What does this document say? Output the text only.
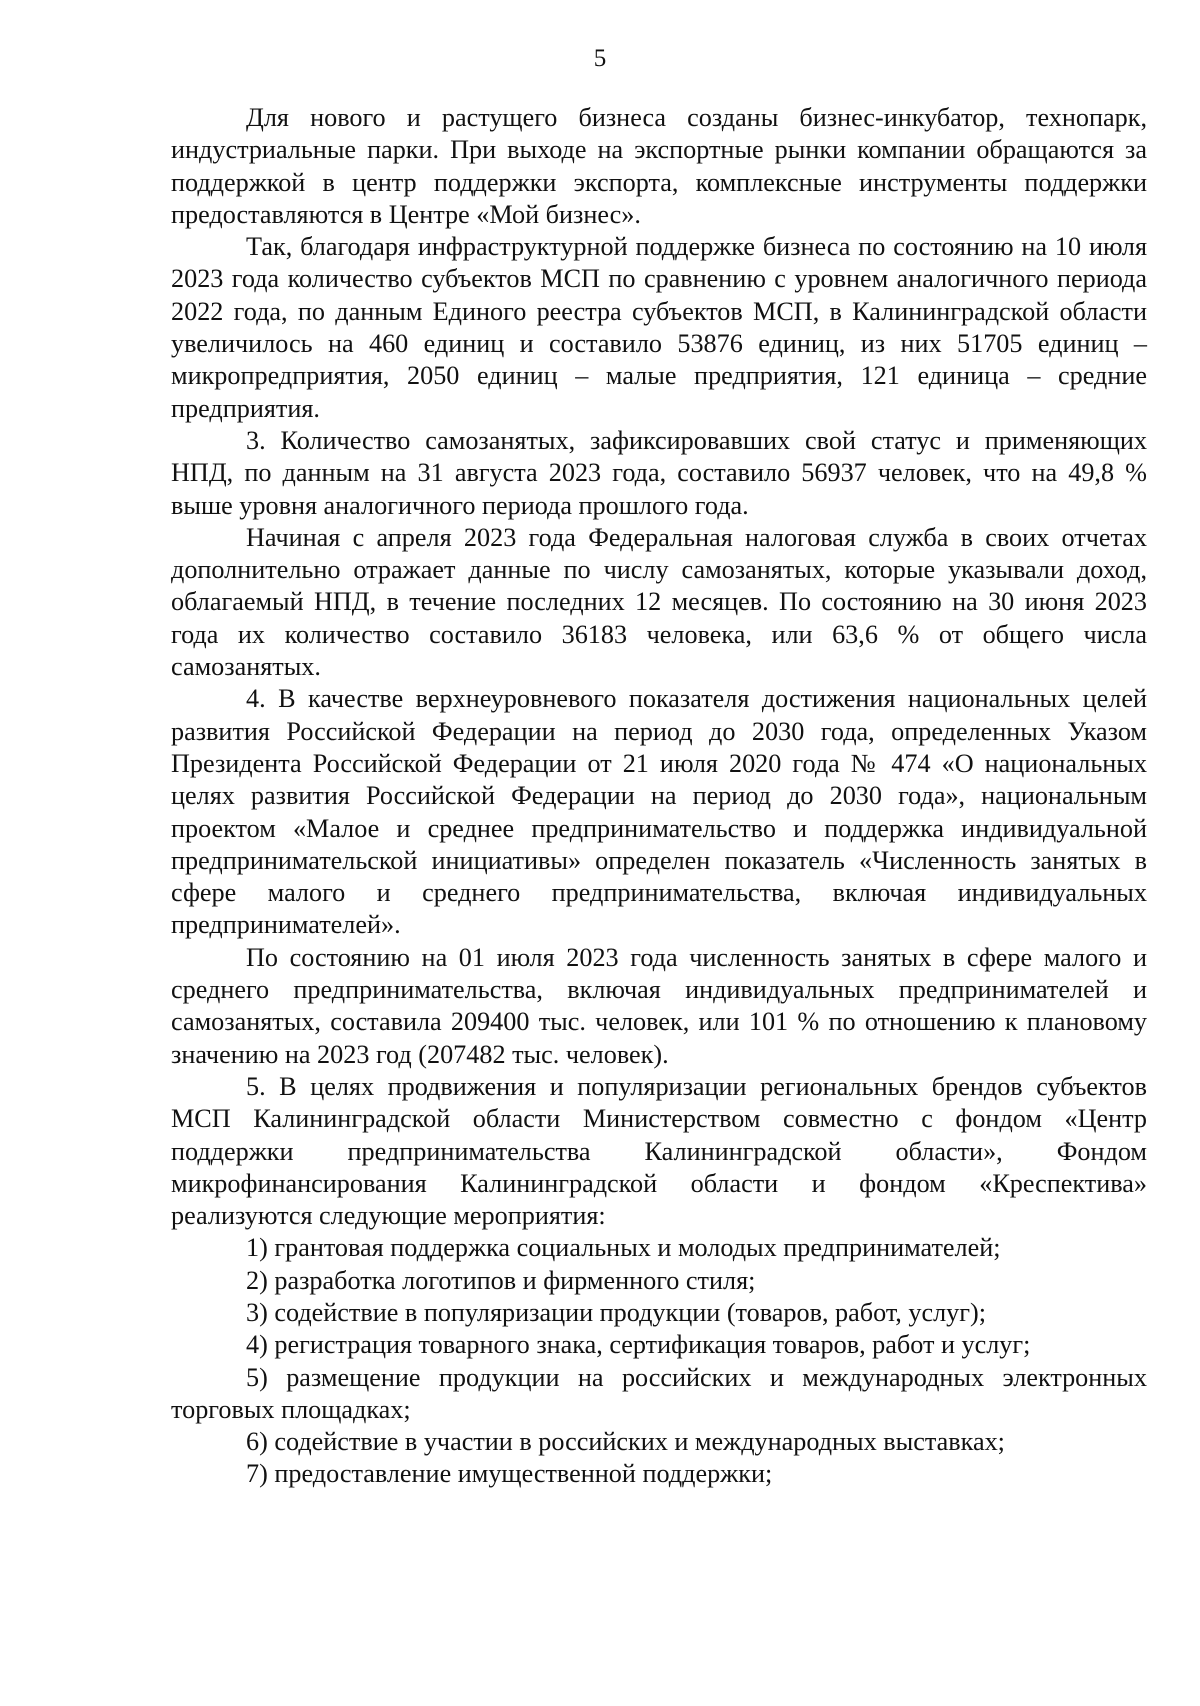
5

Для нового и растущего бизнеса созданы бизнес-инкубатор, технопарк, индустриальные парки. При выходе на экспортные рынки компании обращаются за поддержкой в центр поддержки экспорта, комплексные инструменты поддержки предоставляются в Центре «Мой бизнес».

Так, благодаря инфраструктурной поддержке бизнеса по состоянию на 10 июля 2023 года количество субъектов МСП по сравнению с уровнем аналогичного периода 2022 года, по данным Единого реестра субъектов МСП, в Калининградской области увеличилось на 460 единиц и составило 53876 единиц, из них 51705 единиц – микропредприятия, 2050 единиц – малые предприятия, 121 единица – средние предприятия.

3. Количество самозанятых, зафиксировавших свой статус и применяющих НПД, по данным на 31 августа 2023 года, составило 56937 человек, что на 49,8 % выше уровня аналогичного периода прошлого года.

Начиная с апреля 2023 года Федеральная налоговая служба в своих отчетах дополнительно отражает данные по числу самозанятых, которые указывали доход, облагаемый НПД, в течение последних 12 месяцев. По состоянию на 30 июня 2023 года их количество составило 36183 человека, или 63,6 % от общего числа самозанятых.

4. В качестве верхнеуровневого показателя достижения национальных целей развития Российской Федерации на период до 2030 года, определенных Указом Президента Российской Федерации от 21 июля 2020 года № 474 «О национальных целях развития Российской Федерации на период до 2030 года», национальным проектом «Малое и среднее предпринимательство и поддержка индивидуальной предпринимательской инициативы» определен показатель «Численность занятых в сфере малого и среднего предпринимательства, включая индивидуальных предпринимателей».

По состоянию на 01 июля 2023 года численность занятых в сфере малого и среднего предпринимательства, включая индивидуальных предпринимателей и самозанятых, составила 209400 тыс. человек, или 101 % по отношению к плановому значению на 2023 год (207482 тыс. человек).

5. В целях продвижения и популяризации региональных брендов субъектов МСП Калининградской области Министерством совместно с фондом «Центр поддержки предпринимательства Калининградской области», Фондом микрофинансирования Калининградской области и фондом «Креспектива» реализуются следующие мероприятия:

1) грантовая поддержка социальных и молодых предпринимателей;

2) разработка логотипов и фирменного стиля;

3) содействие в популяризации продукции (товаров, работ, услуг);

4) регистрация товарного знака, сертификация товаров, работ и услуг;

5) размещение продукции на российских и международных электронных торговых площадках;

6) содействие в участии в российских и международных выставках;

7) предоставление имущественной поддержки;
